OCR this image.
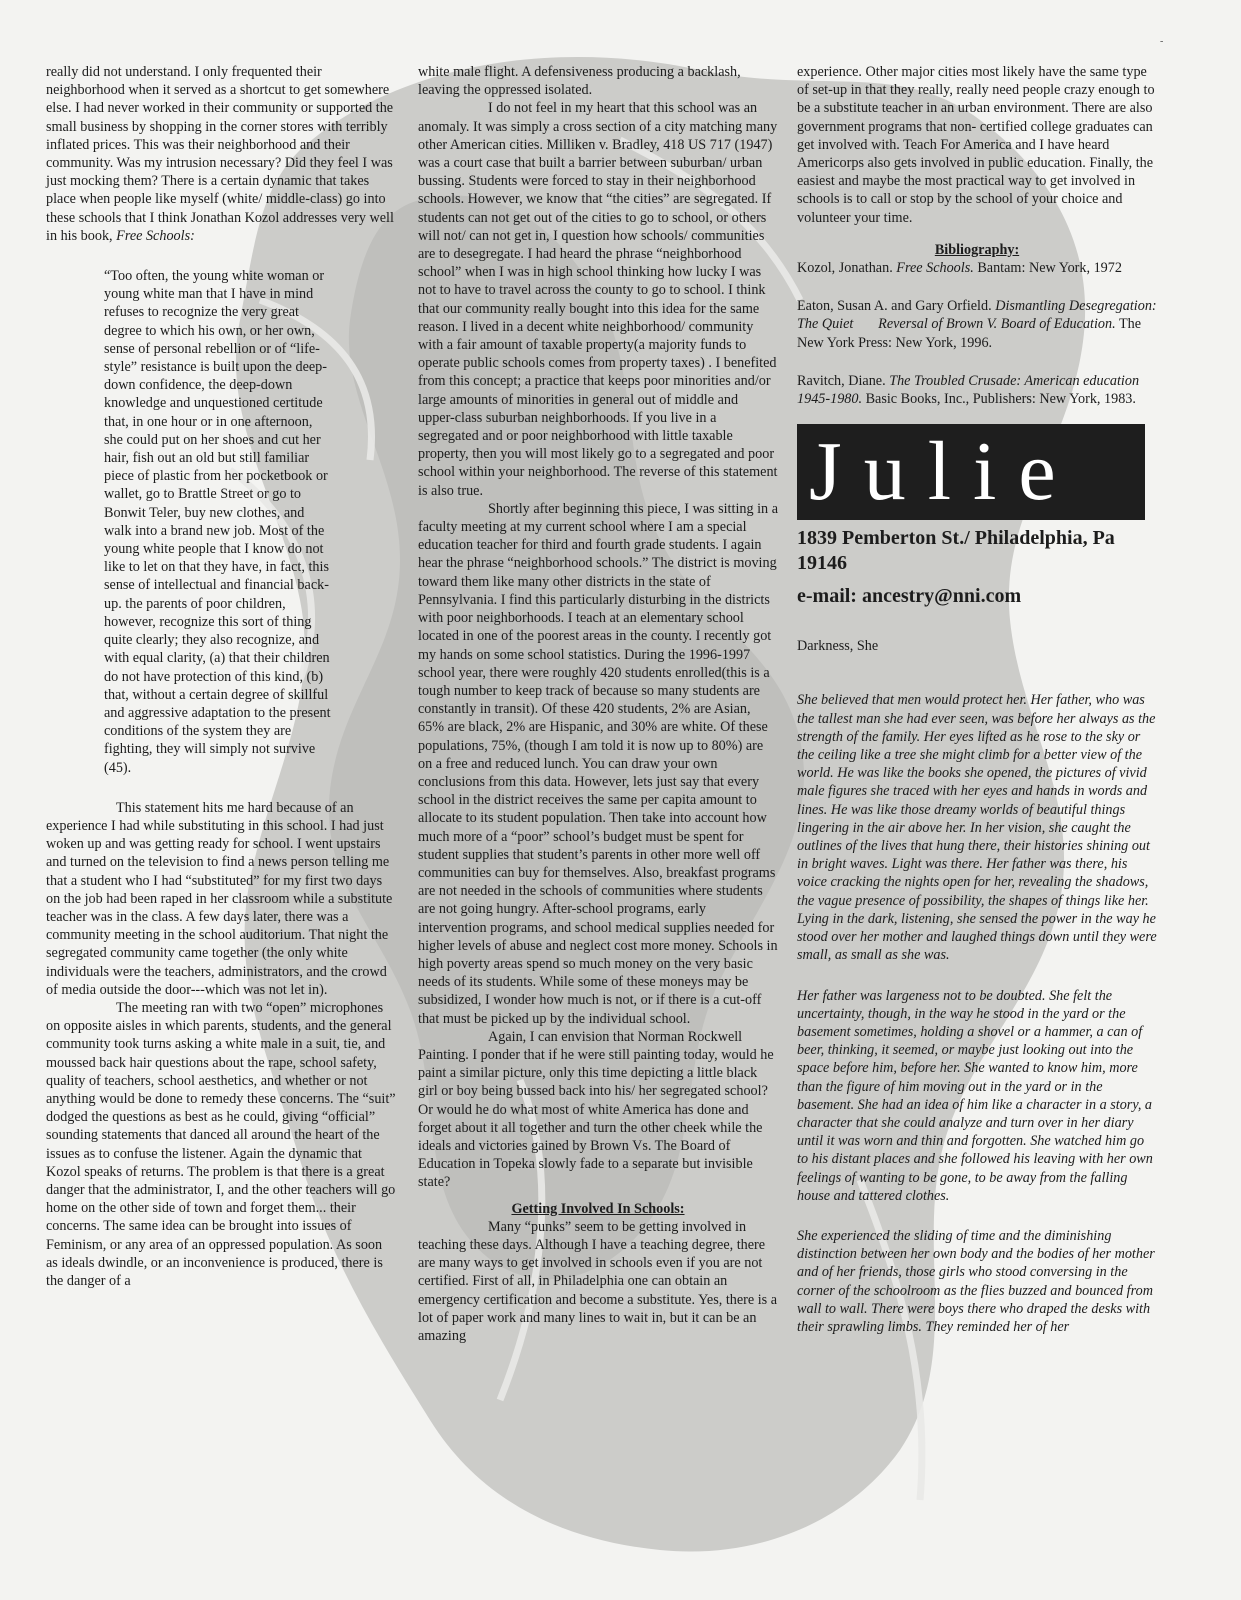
-

really did not understand. I only frequented their neighborhood when it served as a shortcut to get somewhere else. I had never worked in their community or supported the small business by shopping in the corner stores with terribly inflated prices. This was their neighborhood and their community. Was my intrusion necessary? Did they feel I was just mocking them? There is a certain dynamic that takes place when people like myself (white/ middle-class) go into these schools that I think Jonathan Kozol addresses very well in his book, Free Schools:

“Too often, the young white woman or young white man that I have in mind refuses to recognize the very great degree to which his own, or her own, sense of personal rebellion or of “life-style” resistance is built upon the deep-down confidence, the deep-down knowledge and unquestioned certitude that, in one hour or in one afternoon, she could put on her shoes and cut her hair, fish out an old but still familiar piece of plastic from her pocketbook or wallet, go to Brattle Street or go to Bonwit Teler, buy new clothes, and walk into a brand new job. Most of the young white people that I know do not like to let on that they have, in fact, this sense of intellectual and financial back-up. the parents of poor children, however, recognize this sort of thing quite clearly; they also recognize, and with equal clarity, (a) that their children do not have protection of this kind, (b) that, without a certain degree of skillful and aggressive adaptation to the present conditions of the system they are fighting, they will simply not survive (45).

This statement hits me hard because of an experience I had while substituting in this school. I had just woken up and was getting ready for school. I went upstairs and turned on the television to find a news person telling me that a student who I had “substituted” for my first two days on the job had been raped in her classroom while a substitute teacher was in the class. A few days later, there was a community meeting in the school auditorium. That night the segregated community came together (the only white individuals were the teachers, administrators, and the crowd of media outside the door---which was not let in).

The meeting ran with two “open” microphones on opposite aisles in which parents, students, and the general community took turns asking a white male in a suit, tie, and moussed back hair questions about the rape, school safety, quality of teachers, school aesthetics, and whether or not anything would be done to remedy these concerns. The “suit” dodged the questions as best as he could, giving “official” sounding statements that danced all around the heart of the issues as to confuse the listener. Again the dynamic that Kozol speaks of returns. The problem is that there is a great danger that the administrator, I, and the other teachers will go home on the other side of town and forget them... their concerns. The same idea can be brought into issues of Feminism, or any area of an oppressed population. As soon as ideals dwindle, or an inconvenience is produced, there is the danger of a

white male flight. A defensiveness producing a backlash, leaving the oppressed isolated.

I do not feel in my heart that this school was an anomaly. It was simply a cross section of a city matching many other American cities. Milliken v. Bradley, 418 US 717 (1947) was a court case that built a barrier between suburban/ urban bussing. Students were forced to stay in their neighborhood schools. However, we know that “the cities” are segregated. If students can not get out of the cities to go to school, or others will not/ can not get in, I question how schools/ communities are to desegregate. I had heard the phrase “neighborhood school” when I was in high school thinking how lucky I was not to have to travel across the county to go to school. I think that our community really bought into this idea for the same reason. I lived in a decent white neighborhood/ community with a fair amount of taxable property(a majority funds to operate public schools comes from property taxes) . I benefited from this concept; a practice that keeps poor minorities and/or large amounts of minorities in general out of middle and upper-class suburban neighborhoods. If you live in a segregated and or poor neighborhood with little taxable property, then you will most likely go to a segregated and poor school within your neighborhood. The reverse of this statement is also true.

Shortly after beginning this piece, I was sitting in a faculty meeting at my current school where I am a special education teacher for third and fourth grade students. I again hear the phrase “neighborhood schools.” The district is moving toward them like many other districts in the state of Pennsylvania. I find this particularly disturbing in the districts with poor neighborhoods. I teach at an elementary school located in one of the poorest areas in the county. I recently got my hands on some school statistics. During the 1996-1997 school year, there were roughly 420 students enrolled(this is a tough number to keep track of because so many students are constantly in transit). Of these 420 students, 2% are Asian, 65% are black, 2% are Hispanic, and 30% are white. Of these populations, 75%, (though I am told it is now up to 80%) are on a free and reduced lunch. You can draw your own conclusions from this data. However, lets just say that every school in the district receives the same per capita amount to allocate to its student population. Then take into account how much more of a “poor” school’s budget must be spent for student supplies that student’s parents in other more well off communities can buy for themselves. Also, breakfast programs are not needed in the schools of communities where students are not going hungry. After-school programs, early intervention programs, and school medical supplies needed for higher levels of abuse and neglect cost more money. Schools in high poverty areas spend so much money on the very basic needs of its students. While some of these moneys may be subsidized, I wonder how much is not, or if there is a cut-off that must be picked up by the individual school.

Again, I can envision that Norman Rockwell Painting. I ponder that if he were still painting today, would he paint a similar picture, only this time depicting a little black girl or boy being bussed back into his/ her segregated school? Or would he do what most of white America has done and forget about it all together and turn the other cheek while the ideals and victories gained by Brown Vs. The Board of Education in Topeka slowly fade to a separate but invisible state?

Getting Involved In Schools:

Many “punks” seem to be getting involved in teaching these days. Although I have a teaching degree, there are many ways to get involved in schools even if you are not certified. First of all, in Philadelphia one can obtain an emergency certification and become a substitute. Yes, there is a lot of paper work and many lines to wait in, but it can be an amazing

experience. Other major cities most likely have the same type of set-up in that they really, really need people crazy enough to be a substitute teacher in an urban environment. There are also government programs that non- certified college graduates can get involved with. Teach For America and I have heard Americorps also gets involved in public education. Finally, the easiest and maybe the most practical way to get involved in schools is to call or stop by the school of your choice and volunteer your time.

Bibliography:

Kozol, Jonathan. Free Schools. Bantam: New York, 1972

Eaton, Susan A. and Gary Orfield. Dismantling Desegregation: The Quiet       Reversal of Brown V. Board of Education. The New York Press: New York, 1996.

Ravitch, Diane. The Troubled Crusade: American education 1945-1980. Basic Books, Inc., Publishers: New York, 1983.

Julie

1839 Pemberton St./ Philadelphia, Pa 19146

e-mail: ancestry@nni.com

Darkness, She

She believed that men would protect her. Her father, who was the tallest man she had ever seen, was before her always as the strength of the family. Her eyes lifted as he rose to the sky or the ceiling like a tree she might climb for a better view of the world. He was like the books she opened, the pictures of vivid male figures she traced with her eyes and hands in words and lines. He was like those dreamy worlds of beautiful things lingering in the air above her. In her vision, she caught the outlines of the lives that hung there, their histories shining out in bright waves. Light was there. Her father was there, his voice cracking the nights open for her, revealing the shadows, the vague presence of possibility, the shapes of things like her. Lying in the dark, listening, she sensed the power in the way he stood over her mother and laughed things down until they were small, as small as she was.

Her father was largeness not to be doubted. She felt the uncertainty, though, in the way he stood in the yard or the basement sometimes, holding a shovel or a hammer, a can of beer, thinking, it seemed, or maybe just looking out into the space before him, before her. She wanted to know him, more than the figure of him moving out in the yard or in the basement. She had an idea of him like a character in a story, a character that she could analyze and turn over in her diary until it was worn and thin and forgotten. She watched him go to his distant places and she followed his leaving with her own feelings of wanting to be gone, to be away from the falling house and tattered clothes.

She experienced the sliding of time and the diminishing distinction between her own body and the bodies of her mother and of her friends, those girls who stood conversing in the corner of the schoolroom as the flies buzzed and bounced from wall to wall. There were boys there who draped the desks with their sprawling limbs. They reminded her of her
